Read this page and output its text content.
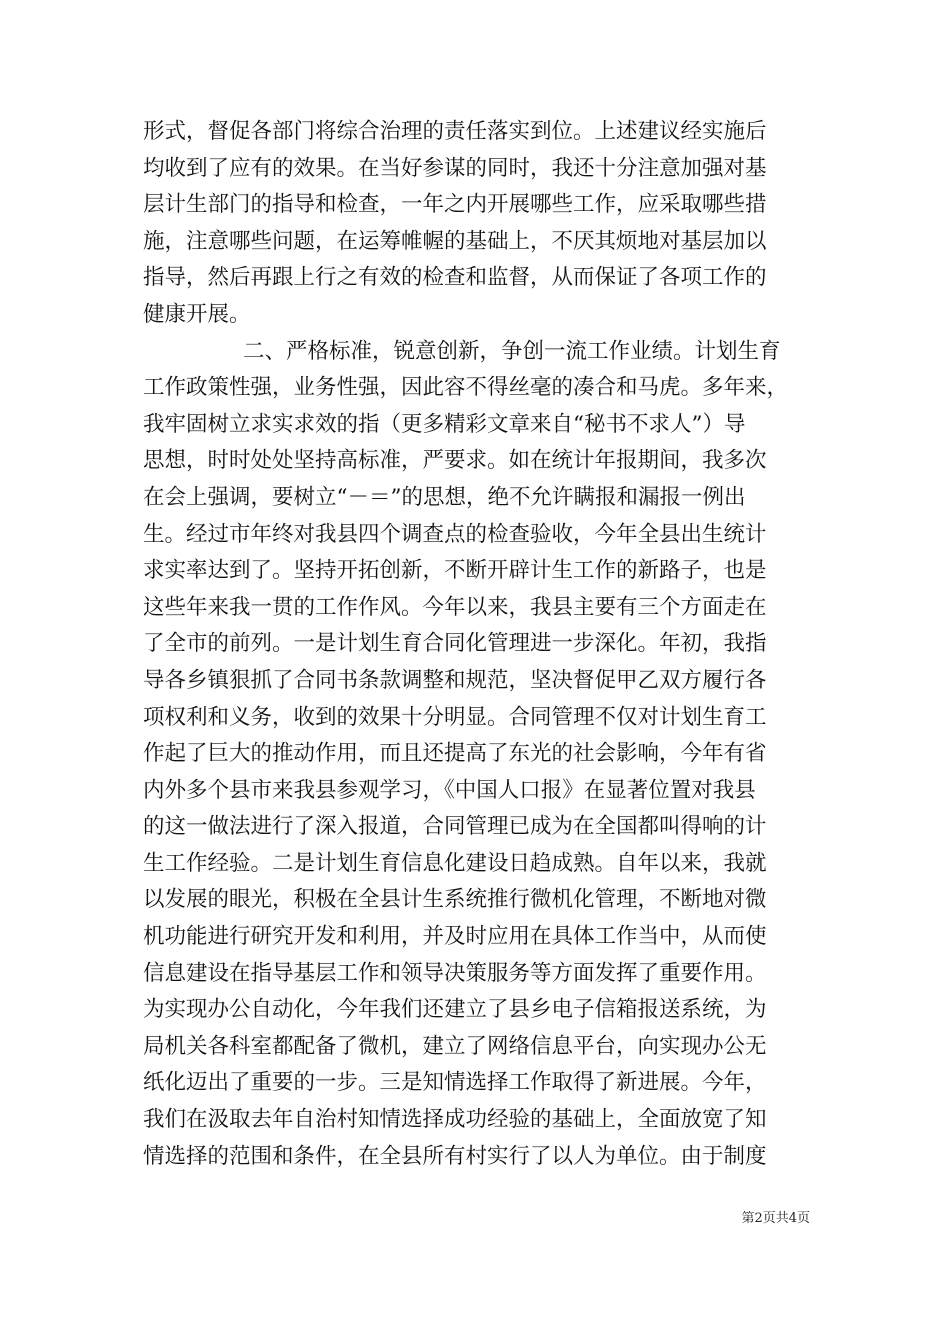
形式，督促各部门将综合治理的责任落实到位。上述建议经实施后
均收到了应有的效果。在当好参谋的同时，我还十分注意加强对基
层计生部门的指导和检查，一年之内开展哪些工作，应采取哪些措
施，注意哪些问题，在运筹帷幄的基础上，不厌其烦地对基层加以
指导，然后再跟上行之有效的检查和监督，从而保证了各项工作的
健康开展。
二、严格标准，锐意创新，争创一流工作业绩。计划生育
工作政策性强，业务性强，因此容不得丝毫的凑合和马虎。多年来，
我牢固树立求实求效的指（更多精彩文章来自“秘书不求人”）导
思想，时时处处坚持高标准，严要求。如在统计年报期间，我多次
在会上强调，要树立“－＝”的思想，绝不允许瞒报和漏报一例出
生。经过市年终对我县四个调查点的检查验收，今年全县出生统计
求实率达到了。坚持开拓创新，不断开辟计生工作的新路子，也是
这些年来我一贯的工作作风。今年以来，我县主要有三个方面走在
了全市的前列。一是计划生育合同化管理进一步深化。年初，我指
导各乡镇狠抓了合同书条款调整和规范，坚决督促甲乙双方履行各
项权利和义务，收到的效果十分明显。合同管理不仅对计划生育工
作起了巨大的推动作用，而且还提高了东光的社会影响，今年有省
内外多个县市来我县参观学习，《中国人口报》在显著位置对我县
的这一做法进行了深入报道，合同管理已成为在全国都叫得响的计
生工作经验。二是计划生育信息化建设日趋成熟。自年以来，我就
以发展的眼光，积极在全县计生系统推行微机化管理，不断地对微
机功能进行研究开发和利用，并及时应用在具体工作当中，从而使
信息建设在指导基层工作和领导决策服务等方面发挥了重要作用。
为实现办公自动化，今年我们还建立了县乡电子信箱报送系统，为
局机关各科室都配备了微机，建立了网络信息平台，向实现办公无
纸化迈出了重要的一步。三是知情选择工作取得了新进展。今年，
我们在汲取去年自治村知情选择成功经验的基础上，全面放宽了知
情选择的范围和条件，在全县所有村实行了以人为单位。由于制度
第2页共4页
